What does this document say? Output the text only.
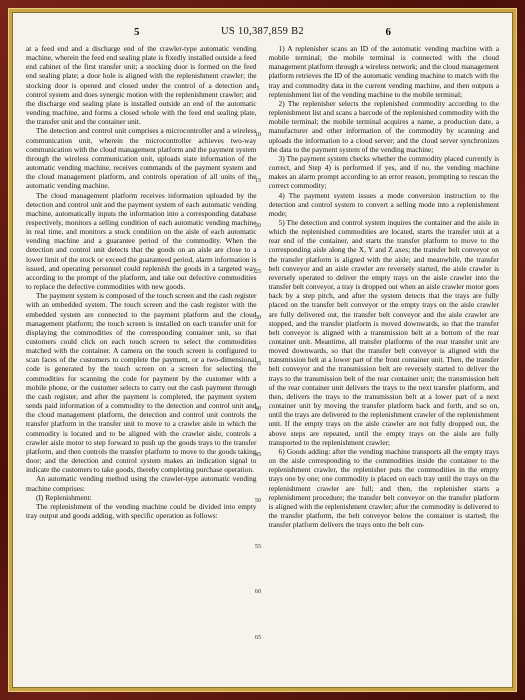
5	US 10,387,859 B2	6

at a feed end and a discharge end of the crawler-type automatic vending machine, wherein the feed end sealing plate is fixedly installed outside a feed end cabinet of the first transfer unit; a stocking door is formed on the feed end sealing plate; a door hole is aligned with the replenishment crawler; the stocking door is opened and closed under the control of a detection and control system and does synergic motion with the replenishment crawler; and the discharge end sealing plate is installed outside an end of the automatic vending machine, and forms a closed whole with the feed end sealing plate, the transfer unit and the container unit.

The detection and control unit comprises a microcontroller and a wireless communication unit, wherein the microcontroller achieves two-way communication with the cloud management platform and the payment system through the wireless communication unit, uploads state information of the automatic vending machine, receives commands of the payment system and the cloud management platform, and controls operation of all units of the automatic vending machine.

The cloud management platform receives information uploaded by the detection and control unit and the payment system of each automatic vending machine, automatically inputs the information into a corresponding database respectively, monitors a selling condition of each automatic vending machine in real time, and monitors a stock condition on the aisle of each automatic vending machine and a guarantee period of the commodity. When the detection and control unit detects that the goods on an aisle are close to a lower limit of the stock or exceed the guaranteed period, alarm information is issued, and operating personnel could replenish the goods in a targeted way according to the prompt of the platform, and take out defective commodities to replace the defective commodities with new goods.

The payment system is composed of the touch screen and the cash register with an embedded system. The touch screen and the cash register with the embedded system are connected to the payment platform and the cloud management platform; the touch screen is installed on each transfer unit for displaying the commodities of the corresponding container unit, so that customers could click on each touch screen to select the commodities matched with the container. A camera on the touch screen is configured to scan faces of the customers to complete the payment, or a two-dimensional code is generated by the touch screen on a screen for selecting the commodities for scanning the code for payment by the customer with a mobile phone, or the customer selects to carry out the cash payment through the cash register, and after the payment is completed, the payment system sends paid information of a commodity to the detection and control unit and the cloud management platform, the detection and control unit controls the transfer platform in the transfer unit to move to a crawler aisle in which the commodity is located and to be aligned with the crawler aisle, controls a crawler aisle motor to step forward to push up the goods trays to the transfer platform, and then controls the transfer platform to move to the goods taking door; and the detection and control system makes an indication signal to indicate the customers to take goods, thereby completing purchase operation.

An automatic vending method using the crawler-type automatic vending machine comprises:

(I) Replenishment:

The replenishment of the vending machine could be divided into empty tray output and goods adding, with specific operation as follows:

1) A replenisher scans an ID of the automatic vending machine with a mobile terminal; the mobile terminal is connected with the cloud management platform through a wireless network; and the cloud management platform retrieves the ID of the automatic vending machine to match with the tray and commodity data in the current vending machine, and then outputs a replenishment list of the vending machine to the mobile terminal;

2) The replenisher selects the replenished commodity according to the replenishment list and scans a barcode of the replenished commodity with the mobile terminal; the mobile terminal acquires a name, a production date, a manufacturer and other information of the commodity by scanning and uploads the information to a cloud server; and the cloud server synchronizes the data to the payment system of the vending machine;

3) The payment system checks whether the commodity placed currently is correct, and Step 4) is performed if yes, and if no, the vending machine makes an alarm prompt according to an error reason, prompting to rescan the correct commodity;

4) The payment system issues a mode conversion instruction to the detection and control system to convert a selling mode into a replenishment mode;

5) The detection and control system inquires the container and the aisle in which the replenished commodities are located, starts the transfer unit at a rear end of the container, and starts the transfer platform to move to the corresponding aisle along the X, Y and Z axes; the transfer belt conveyor on the transfer platform is aligned with the aisle; and meanwhile, the transfer belt conveyor and an aisle crawler are reversely started, the aisle crawler is reversely operated to deliver the empty trays on the aisle crawler into the transfer belt conveyor, a tray is dropped out when an aisle crawler motor goes back by a step pitch, and after the system detects that the trays are fully placed on the transfer belt conveyor or the empty trays on the aisle crawler are fully delivered out, the transfer belt conveyor and the aisle crawler are stopped, and the transfer platform is moved downwards, so that the transfer belt conveyor is aligned with a transmission belt at a bottom of the rear container unit. Meantime, all transfer platforms of the rear transfer unit are moved downwards, so that the transfer belt conveyor is aligned with the transmission belt at a lower part of the front container unit. Then, the transfer belt conveyor and the transmission belt are reversely started to deliver the trays to the transmission belt of the rear container unit; the transmission belt of the rear container unit delivers the trays to the next transfer platform, and then, delivers the trays to the transmission belt at a lower part of a next container unit by moving the transfer platform back and forth, and so on, until the trays are delivered to the replenishment crawler of the replenishment unit. If the empty trays on the aisle crawler are not fully dropped out, the above steps are repeated, until the empty trays on the aisle are fully transported to the replenishment crawler;

6) Goods adding: after the vending machine transports all the empty trays on the aisle corresponding to the commodities inside the container to the replenishment crawler, the replenisher puts the commodities in the empty trays one by one; one commodity is placed on each tray until the trays on the replenishment crawler are full; and then, the replenisher starts a replenishment procedure; the transfer belt conveyor on the transfer platform is aligned with the replenishment crawler; after the commodity is delivered to the transfer platform, the belt conveyor below the container is started; the transfer platform delivers the trays onto the belt con-

5
10
15
20
25
30
35
40
45
50
55
60
65
